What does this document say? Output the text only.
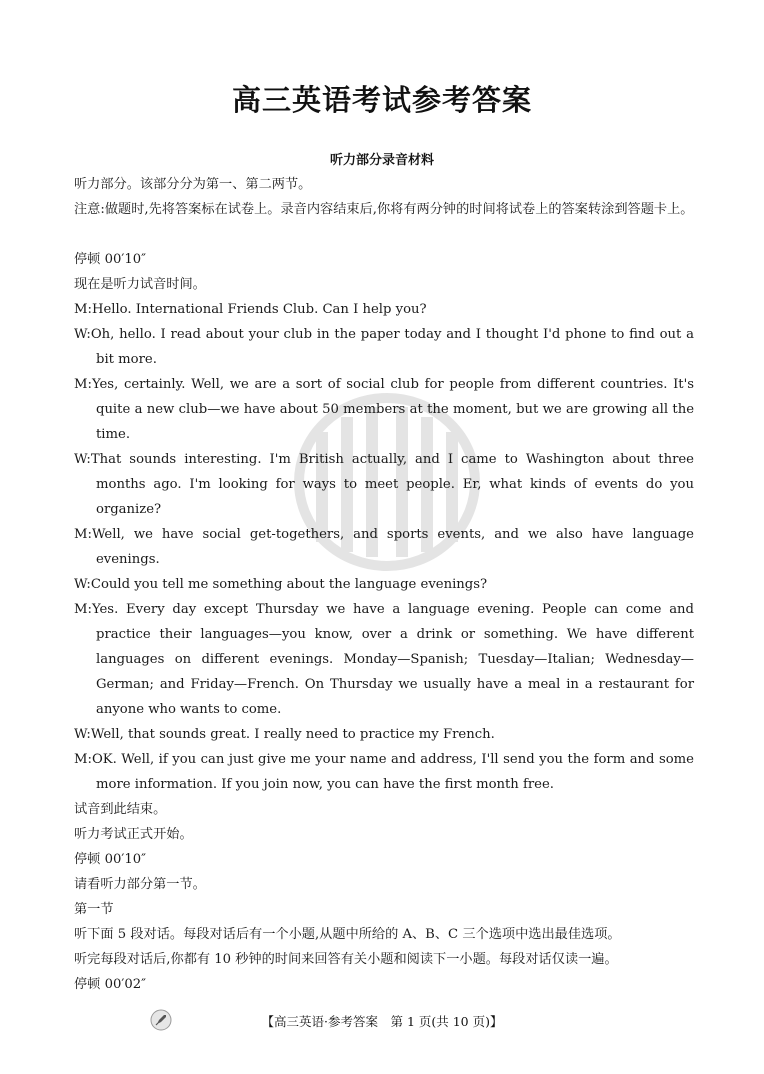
高三英语考试参考答案
听力部分录音材料
听力部分。该部分分为第一、第二两节。
注意:做题时,先将答案标在试卷上。录音内容结束后,你将有两分钟的时间将试卷上的答案转涂到答题卡上。
停顿 00′10″
现在是听力试音时间。
M:Hello. International Friends Club. Can I help you?
W:Oh, hello. I read about your club in the paper today and I thought I'd phone to find out a bit more.
M:Yes, certainly. Well, we are a sort of social club for people from different countries. It's quite a new club—we have about 50 members at the moment, but we are growing all the time.
W:That sounds interesting. I'm British actually, and I came to Washington about three months ago. I'm looking for ways to meet people. Er, what kinds of events do you organize?
M:Well, we have social get-togethers, and sports events, and we also have language evenings.
W:Could you tell me something about the language evenings?
M:Yes. Every day except Thursday we have a language evening. People can come and practice their languages—you know, over a drink or something. We have different languages on different evenings. Monday—Spanish; Tuesday—Italian; Wednesday—German; and Friday—French. On Thursday we usually have a meal in a restaurant for anyone who wants to come.
W:Well, that sounds great. I really need to practice my French.
M:OK. Well, if you can just give me your name and address, I'll send you the form and some more information. If you join now, you can have the first month free.
试音到此结束。
听力考试正式开始。
停顿 00′10″
请看听力部分第一节。
第一节
听下面 5 段对话。每段对话后有一个小题,从题中所给的 A、B、C 三个选项中选出最佳选项。
听完每段对话后,你都有 10 秒钟的时间来回答有关小题和阅读下一小题。每段对话仅读一遍。
停顿 00′02″
【高三英语·参考答案　第 1 页(共 10 页)】
